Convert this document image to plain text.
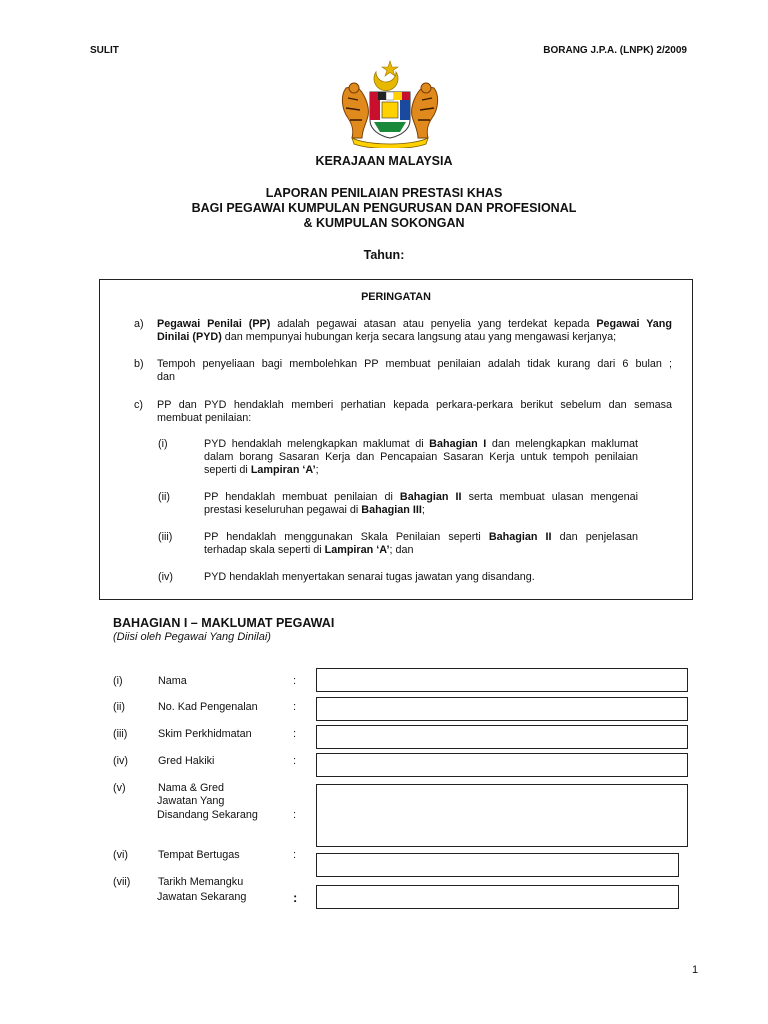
SULIT	BORANG J.P.A. (LNPK) 2/2009
KERAJAAN MALAYSIA
LAPORAN PENILAIAN PRESTASI KHAS
BAGI PEGAWAI KUMPULAN PENGURUSAN DAN PROFESIONAL
& KUMPULAN SOKONGAN
Tahun:
PERINGATAN
a) Pegawai Penilai (PP) adalah pegawai atasan atau penyelia yang terdekat kepada Pegawai Yang
Dinilai (PYD) dan mempunyai hubungan kerja secara langsung atau yang mengawasi kerjanya;
b) Tempoh penyeliaan bagi membolehkan PP membuat penilaian adalah tidak kurang dari 6 bulan ;
dan
c) PP dan PYD hendaklah memberi perhatian kepada perkara-perkara berikut sebelum dan semasa
membuat penilaian:
(i)	PYD hendaklah melengkapkan maklumat di Bahagian I dan melengkapkan maklumat
dalam borang Sasaran Kerja dan Pencapaian Sasaran Kerja untuk tempoh penilaian
seperti di Lampiran ‘A’;
(ii)	PP hendaklah membuat penilaian di Bahagian II serta membuat ulasan mengenai
prestasi keseluruhan pegawai di Bahagian III;
(iii)	PP hendaklah menggunakan Skala Penilaian seperti Bahagian II dan penjelasan
terhadap skala seperti di Lampiran ‘A’; dan
(iv)	PYD hendaklah menyertakan senarai tugas jawatan yang disandang.
BAHAGIAN I – MAKLUMAT PEGAWAI
(Diisi oleh Pegawai Yang Dinilai)
(i)	Nama	:
(ii)	No. Kad Pengenalan	:
(iii)	Skim Perkhidmatan	:
(iv)	Gred Hakiki	:
(v)	Nama & Gred
Jawatan Yang
Disandang Sekarang	:
(vi)	Tempat Bertugas	:
(vii)	Tarikh Memangku
Jawatan Sekarang	:
1
